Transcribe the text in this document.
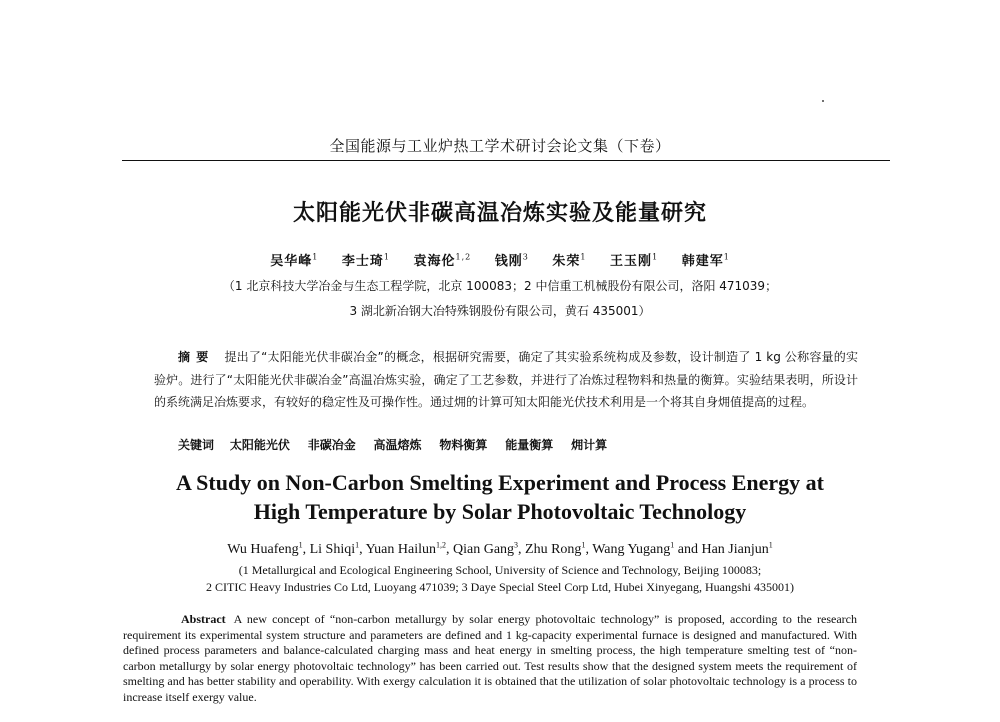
全国能源与工业炉热工学术研讨会论文集（下卷）
太阳能光伏非碳高温冶炼实验及能量研究
吴华峰$^1$ 李士琦$^1$ 袁海伦$^{1,2}$ 钱刚$^3$ 朱荣$^1$ 王玉刚$^1$ 韩建军$^1$
（1 北京科技大学冶金与生态工程学院，北京 100083；2 中信重工机械股份有限公司，洛阳 471039；
3 湖北新冶钢大冶特殊钢股份有限公司，黄石 435001）
摘要 提出了“太阳能光伏非碳冶金”的概念，根据研究需要，确定了其实验系统构成及参数，设计制造了 1 kg 公称容量的实验炉。进行了“太阳能光伏非碳冶金”高温冶炼实验，确定了工艺参数，并进行了冶炼过程物料和热量的衡算。实验结果表明，所设计的系统满足冶炼要求，有较好的稳定性及可操作性。通过㶲的计算可知太阳能光伏技术利用是一个将其自身㶲值提高的过程。
关键词 太阳能光伏 非碳冶金 高温熔炼 物料衡算 能量衡算 㶲计算
A Study on Non-Carbon Smelting Experiment and Process Energy at
High Temperature by Solar Photovoltaic Technology
Wu Huafeng$^1$, Li Shiqi$^1$, Yuan Hailun$^{1,2}$, Qian Gang$^3$, Zhu Rong$^1$, Wang Yugang$^1$ and Han Jianjun$^1$
(1 Metallurgical and Ecological Engineering School, University of Science and Technology, Beijing 100083;
2 CITIC Heavy Industries Co Ltd, Luoyang 471039; 3 Daye Special Steel Corp Ltd, Hubei Xinyegang, Huangshi 435001)
Abstract A new concept of “non-carbon metallurgy by solar energy photovoltaic technology” is proposed, according to the research requirement its experimental system structure and parameters are defined and 1 kg-capacity experimental furnace is designed and manufactured. With defined process parameters and balance-calculated charging mass and heat energy in smelting process, the high temperature smelting test of “non-carbon metallurgy by solar energy photovoltaic technology” has been carried out. Test results show that the designed system meets the requirement of smelting and has better stability and operability. With exergy calculation it is obtained that the utilization of solar photovoltaic technology is a process to increase itself exergy value.
